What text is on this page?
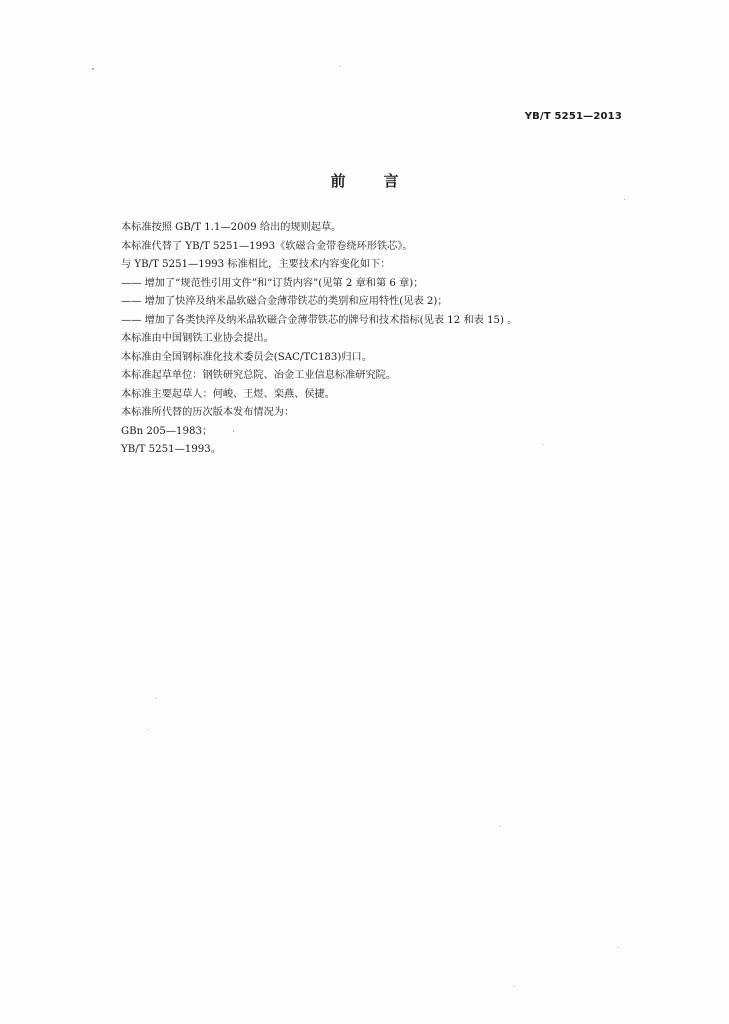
YB/T 5251—2013
前言
本标准按照 GB/T 1.1—2009 给出的规则起草。
本标准代替了 YB/T 5251—1993《软磁合金带卷绕环形铁芯》。
与 YB/T 5251—1993 标准相比，主要技术内容变化如下：
—— 增加了“规范性引用文件”和“订货内容”(见第 2 章和第 6 章)；
—— 增加了快淬及纳米晶软磁合金薄带铁芯的类别和应用特性(见表 2)；
—— 增加了各类快淬及纳米晶软磁合金薄带铁芯的牌号和技术指标(见表 12 和表 15) 。
本标准由中国钢铁工业协会提出。
本标准由全国钢标准化技术委员会(SAC/TC183)归口。
本标准起草单位：钢铁研究总院、冶金工业信息标准研究院。
本标准主要起草人：何峻、王煜、栾燕、侯捷。
本标准所代替的历次版本发布情况为：
GBn 205—1983；
YB/T 5251—1993。
